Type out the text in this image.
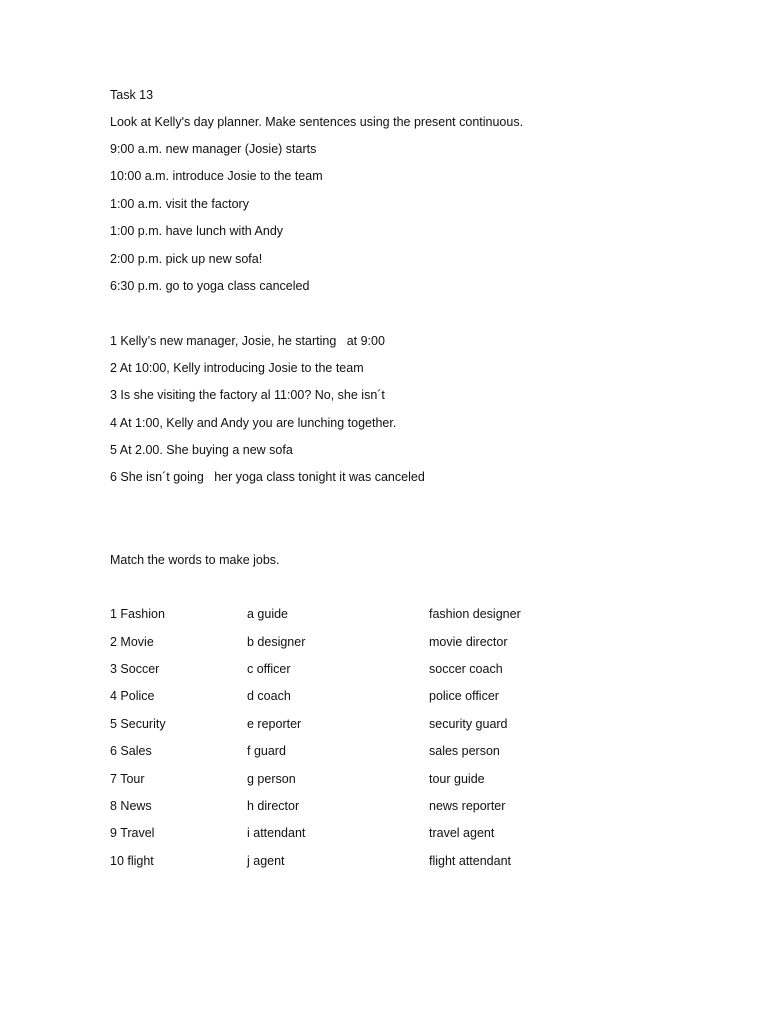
Task 13
Look at Kelly's day planner. Make sentences using the present continuous.
9:00 a.m. new manager (Josie) starts
10:00 a.m. introduce Josie to the team
1:00 a.m. visit the factory
1:00 p.m. have lunch with Andy
2:00 p.m. pick up new sofa!
6:30 p.m. go to yoga class canceled
1 Kelly’s new manager, Josie, he starting   at 9:00
2 At 10:00, Kelly introducing Josie to the team
3 Is she visiting the factory al 11:00? No, she isn´t
4 At 1:00, Kelly and Andy you are lunching together.
5 At 2.00. She buying a new sofa
6 She isn´t going   her yoga class tonight it was canceled
Match the words to make jobs.
1 Fashion	a guide	fashion designer
2 Movie	b designer	movie director
3 Soccer	c officer	soccer coach
4 Police	d coach	police officer
5 Security	e reporter	security guard
6 Sales	f guard	sales person
7 Tour	g person	tour guide
8 News	h director	news reporter
9 Travel	i attendant	travel agent
10 flight	j agent	flight attendant
